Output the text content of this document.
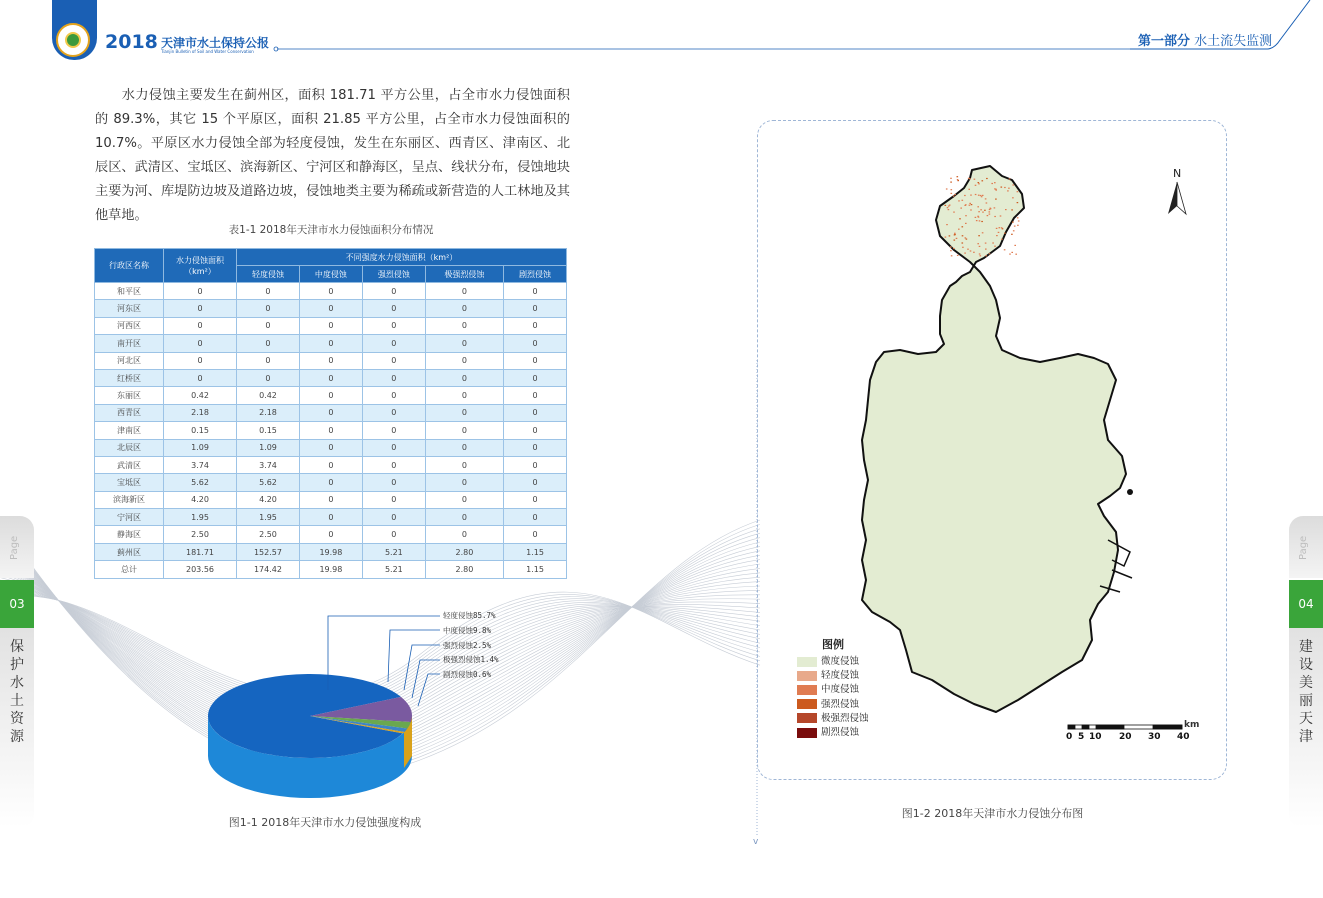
v
2018 天津市水土保持公报
Tianjin Bulletin of Soil and Water Conservation
第一部分 水土流失监测

  水力侵蚀主要发生在蓟州区，面积 181.71 平方公里，占全市水力侵蚀面积的 89.3%，其它 15 个平原区，面积 21.85 平方公里，占全市水力侵蚀面积的 10.7%。平原区水力侵蚀全部为轻度侵蚀，发生在东丽区、西青区、津南区、北辰区、武清区、宝坻区、滨海新区、宁河区和静海区，呈点、线状分布，侵蚀地块主要为河、库堤防边坡及道路边坡，侵蚀地类主要为稀疏或新营造的人工林地及其他草地。

表1-1 2018年天津市水力侵蚀面积分布情况
行政区名称	水力侵蚀面积（km²）	不同强度水力侵蚀面积（km²）				
		轻度侵蚀	中度侵蚀	强烈侵蚀	极强烈侵蚀	剧烈侵蚀
和平区	0	0	0	0	0	0
河东区	0	0	0	0	0	0
河西区	0	0	0	0	0	0
南开区	0	0	0	0	0	0
河北区	0	0	0	0	0	0
红桥区	0	0	0	0	0	0
东丽区	0.42	0.42	0	0	0	0
西青区	2.18	2.18	0	0	0	0
津南区	0.15	0.15	0	0	0	0
北辰区	1.09	1.09	0	0	0	0
武清区	3.74	3.74	0	0	0	0
宝坻区	5.62	5.62	0	0	0	0
滨海新区	4.20	4.20	0	0	0	0
宁河区	1.95	1.95	0	0	0	0
静海区	2.50	2.50	0	0	0	0
蓟州区	181.71	152.57	19.98	5.21	2.80	1.15
总计	203.56	174.42	19.98	5.21	2.80	1.15
轻度侵蚀85.7%
中度侵蚀9.8%
强烈侵蚀2.5%
极强烈侵蚀1.4%
剧烈侵蚀0.6%
图1-1 2018年天津市水力侵蚀强度构成
N
图例
微度侵蚀
轻度侵蚀
中度侵蚀
强烈侵蚀
极强烈侵蚀
剧烈侵蚀
km
0 5 10 20 30 40
图1-2 2018年天津市水力侵蚀分布图
Page
03
保护水土资源
Page
04
建设美丽天津
